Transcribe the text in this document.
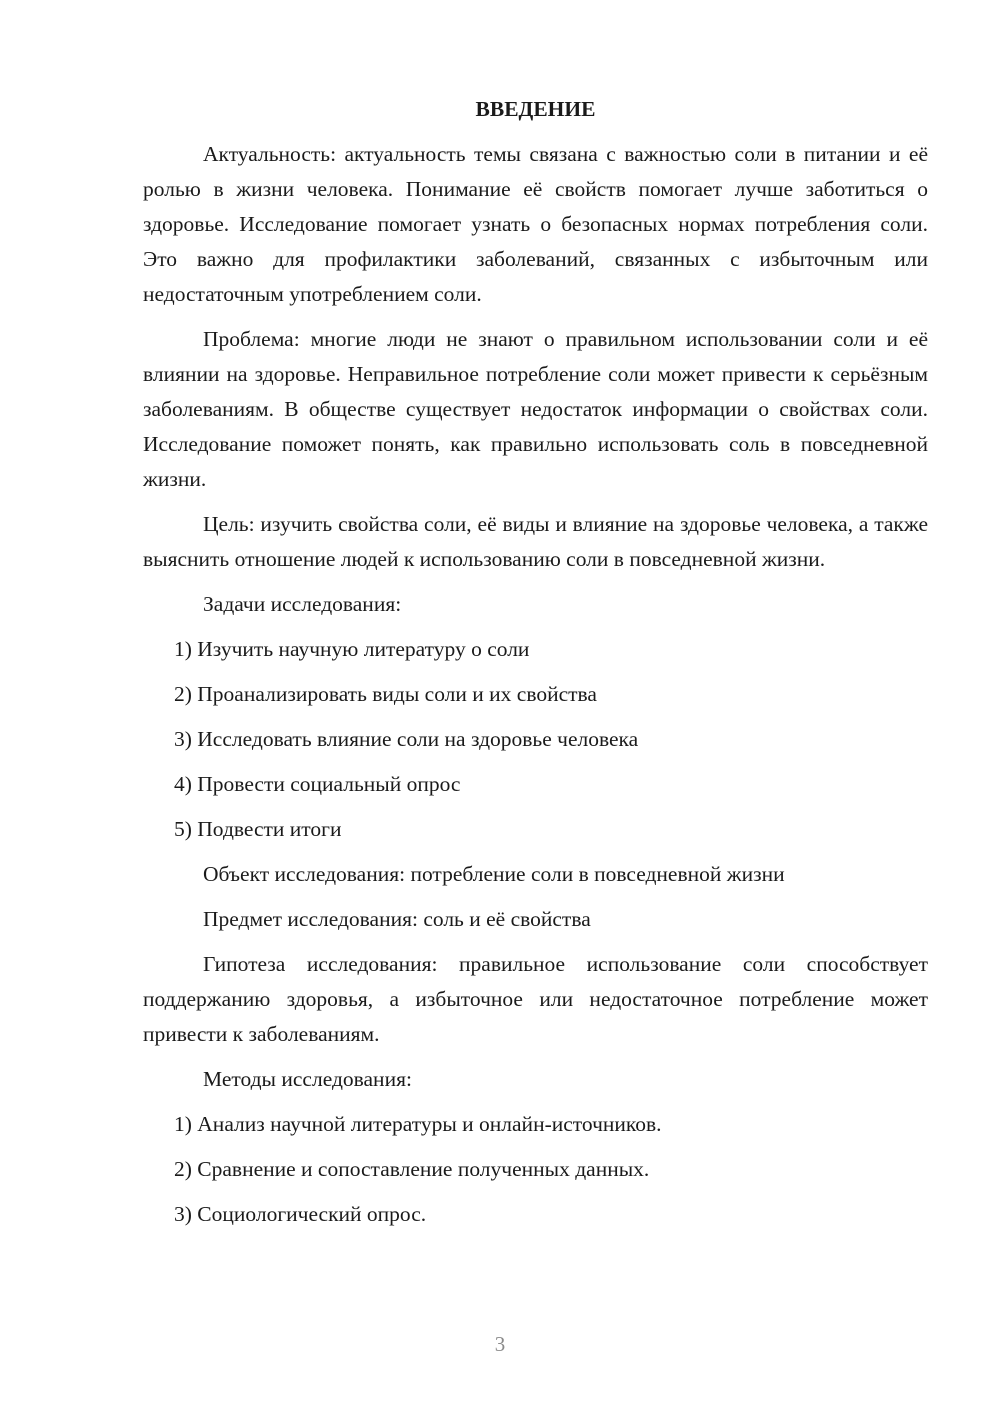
ВВЕДЕНИЕ

Актуальность: актуальность темы связана с важностью соли в питании и её ролью в жизни человека. Понимание её свойств помогает лучше заботиться о здоровье. Исследование помогает узнать о безопасных нормах потребления соли. Это важно для профилактики заболеваний, связанных с избыточным или недостаточным употреблением соли.

Проблема: многие люди не знают о правильном использовании соли и её влиянии на здоровье. Неправильное потребление соли может привести к серьёзным заболеваниям. В обществе существует недостаток информации о свойствах соли. Исследование поможет понять, как правильно использовать соль в повседневной жизни.

Цель: изучить свойства соли, её виды и влияние на здоровье человека, а также выяснить отношение людей к использованию соли в повседневной жизни.

Задачи исследования:

1) Изучить научную литературу о соли

2) Проанализировать виды соли и их свойства

3) Исследовать влияние соли на здоровье человека

4) Провести социальный опрос

5) Подвести итоги

Объект исследования: потребление соли в повседневной жизни

Предмет исследования: соль и её свойства

Гипотеза исследования: правильное использование соли способствует поддержанию здоровья, а избыточное или недостаточное потребление может привести к заболеваниям.

Методы исследования:

1) Анализ научной литературы и онлайн-источников.

2) Сравнение и сопоставление полученных данных.

3) Социологический опрос.

3
